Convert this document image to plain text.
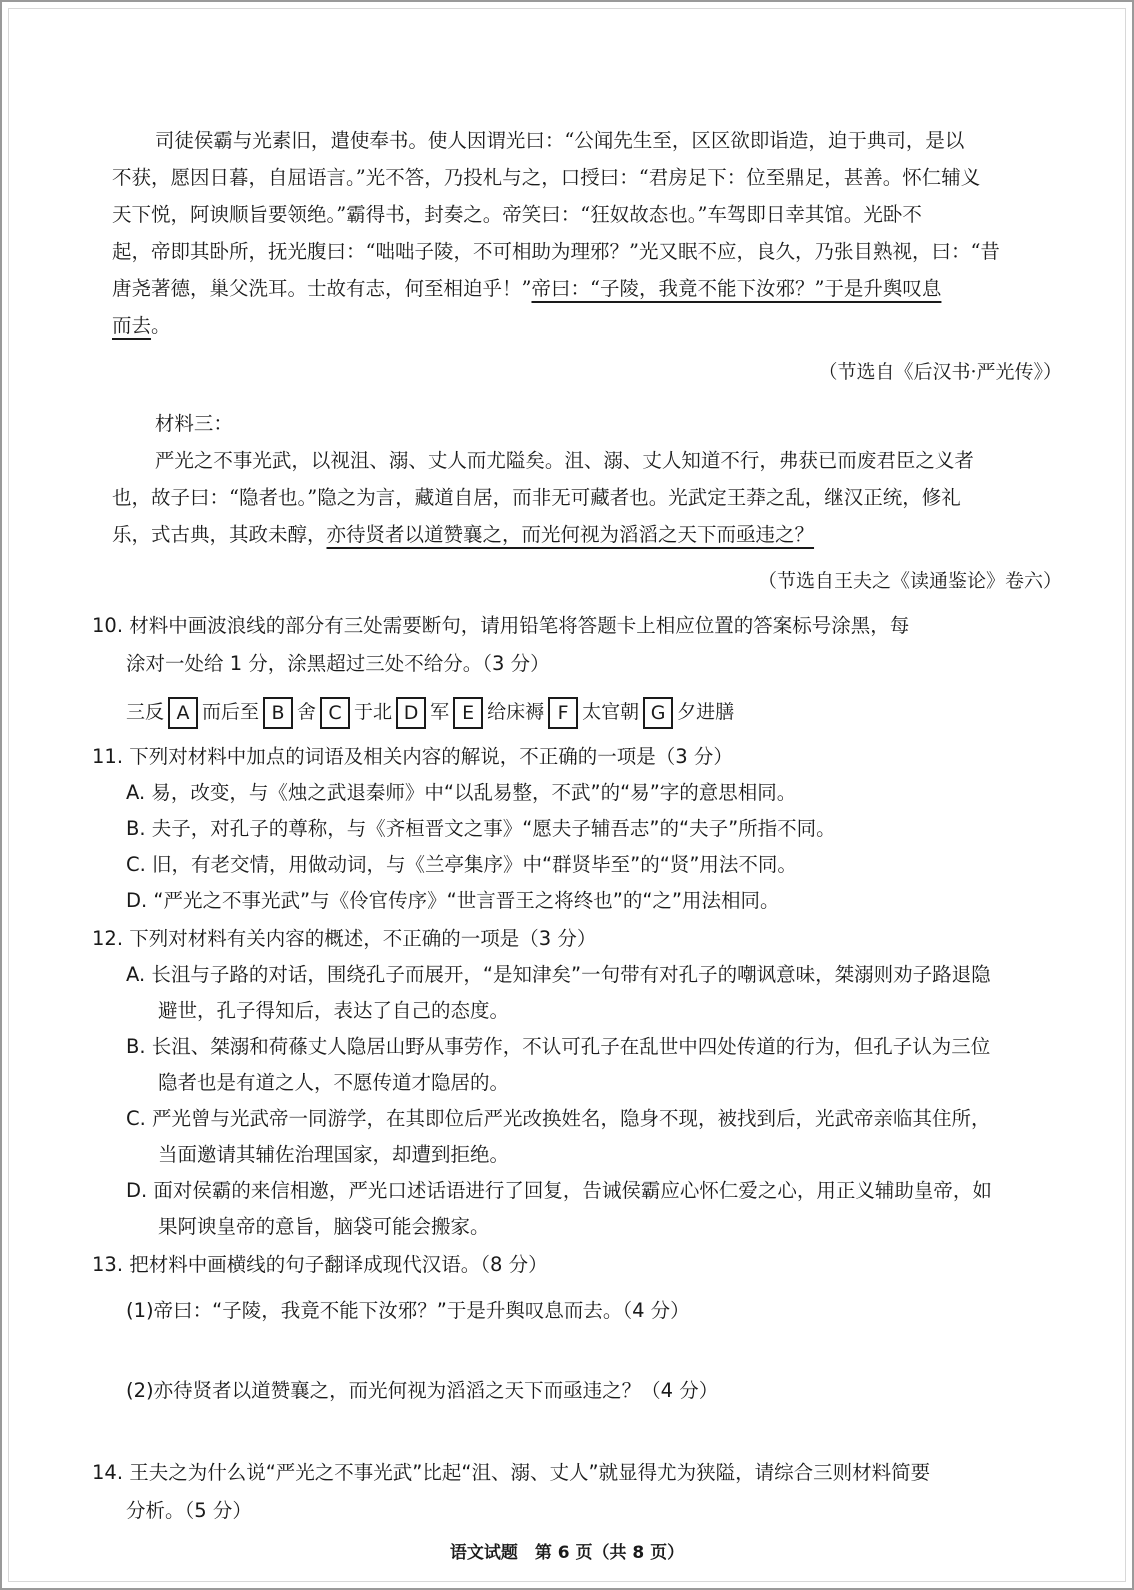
司徒侯霸与光素旧，遣使奉书。使人因谓光曰：“公闻先生至，区区欲即诣造，迫于典司，是以

不获，愿因日暮，自屈语言。”光不答，乃投札与之，口授曰：“君房足下：位至鼎足，甚善。怀仁辅义

天下悦，阿谀顺旨要领绝。”霸得书，封奏之。帝笑曰：“狂奴故态也。”车驾即日幸其馆。光卧不

起，帝即其卧所，抚光腹曰：“咄咄子陵，不可相助为理邪？”光又眠不应，良久，乃张目熟视，曰：“昔

唐尧著德，巢父洗耳。士故有志，何至相迫乎！”帝曰：“子陵，我竟不能下汝邪？”于是升舆叹息

而去。

（节选自《后汉书·严光传》）

材料三：

严光之不事光武，以视沮、溺、丈人而尤隘矣。沮、溺、丈人知道不行，弗获已而废君臣之义者

也，故子曰：“隐者也。”隐之为言，藏道自居，而非无可藏者也。光武定王莽之乱，继汉正统，修礼

乐，式古典，其政未醇，亦待贤者以道赞襄之，而光何视为滔滔之天下而亟违之？

（节选自王夫之《读通鉴论》卷六）

10. 材料中画波浪线的部分有三处需要断句，请用铅笔将答题卡上相应位置的答案标号涂黑，每

涂对一处给 1 分，涂黑超过三处不给分。（3 分）

三反 A 而后至 B 舍 C 于北 D 军 E 给床褥 F 太官朝 G 夕进膳

11. 下列对材料中加点的词语及相关内容的解说，不正确的一项是（3 分）

A. 易，改变，与《烛之武退秦师》中“以乱易整，不武”的“易”字的意思相同。

B. 夫子，对孔子的尊称，与《齐桓晋文之事》“愿夫子辅吾志”的“夫子”所指不同。

C. 旧，有老交情，用做动词，与《兰亭集序》中“群贤毕至”的“贤”用法不同。

D. “严光之不事光武”与《伶官传序》“世言晋王之将终也”的“之”用法相同。

12. 下列对材料有关内容的概述，不正确的一项是（3 分）

A. 长沮与子路的对话，围绕孔子而展开，“是知津矣”一句带有对孔子的嘲讽意味，桀溺则劝子路退隐避世，孔子得知后，表达了自己的态度。

B. 长沮、桀溺和荷蓧丈人隐居山野从事劳作，不认可孔子在乱世中四处传道的行为，但孔子认为三位隐者也是有道之人，不愿传道才隐居的。

C. 严光曾与光武帝一同游学，在其即位后严光改换姓名，隐身不现，被找到后，光武帝亲临其住所，当面邀请其辅佐治理国家，却遭到拒绝。

D. 面对侯霸的来信相邀，严光口述话语进行了回复，告诫侯霸应心怀仁爱之心，用正义辅助皇帝，如果阿谀皇帝的意旨，脑袋可能会搬家。

13. 把材料中画横线的句子翻译成现代汉语。（8 分）

(1)帝曰：“子陵，我竟不能下汝邪？”于是升舆叹息而去。（4 分）

(2)亦待贤者以道赞襄之，而光何视为滔滔之天下而亟违之？（4 分）

14. 王夫之为什么说“严光之不事光武”比起“沮、溺、丈人”就显得尤为狭隘，请综合三则材料简要

分析。（5 分）

语文试题　第 6 页（共 8 页）
